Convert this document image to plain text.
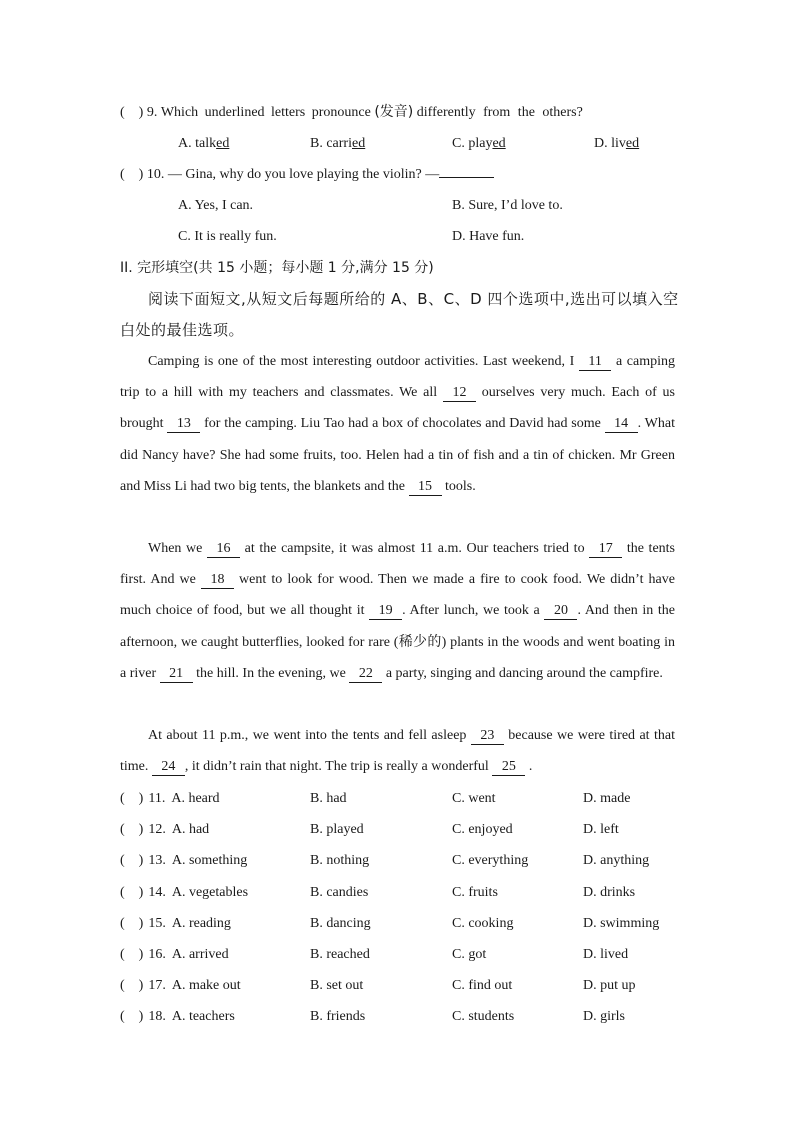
( ) 9. Which underlined letters pronounce (发音) differently from the others?
A. talked	B. carried	C. played	D. lived
( ) 10. — Gina, why do you love playing the violin? —
A. Yes, I can.	B. Sure, I’d love to.
C. It is really fun.	D. Have fun.
II. 完形填空(共 15 小题；每小题 1 分,满分 15 分)
阅读下面短文,从短文后每题所给的 A、B、C、D 四个选项中,选出可以填入空白处的最佳选项。
Camping is one of the most interesting outdoor activities. Last weekend, I  11  a camping trip to a hill with my teachers and classmates. We all  12  ourselves very much. Each of us brought  13  for the camping. Liu Tao had a box of chocolates and David had some  14 . What did Nancy have? She had some fruits, too. Helen had a tin of fish and a tin of chicken. Mr Green and Miss Li had two big tents, the blankets and the  15  tools.
When we  16  at the campsite, it was almost 11 a.m. Our teachers tried to  17  the tents first. And we  18  went to look for wood. Then we made a fire to cook food. We didn’t have much choice of food, but we all thought it  19 . After lunch, we took a  20 . And then in the afternoon, we caught butterflies, looked for rare (稀少的) plants in the woods and went boating in a river  21  the hill. In the evening, we  22  a party, singing and dancing around the campfire.
At about 11 p.m., we went into the tents and fell asleep  23  because we were tired at that time.  24 , it didn’t rain that night. The trip is really a wonderful  25  .
( ) 11. A. heard	B. had	C. went	D. made
( ) 12. A. had	B. played	C. enjoyed	D. left
( ) 13. A. something	B. nothing	C. everything	D. anything
( ) 14. A. vegetables	B. candies	C. fruits	D. drinks
( ) 15. A. reading	B. dancing	C. cooking	D. swimming
( ) 16. A. arrived	B. reached	C. got	D. lived
( ) 17. A. make out	B. set out	C. find out	D. put up
( ) 18. A. teachers	B. friends	C. students	D. girls
